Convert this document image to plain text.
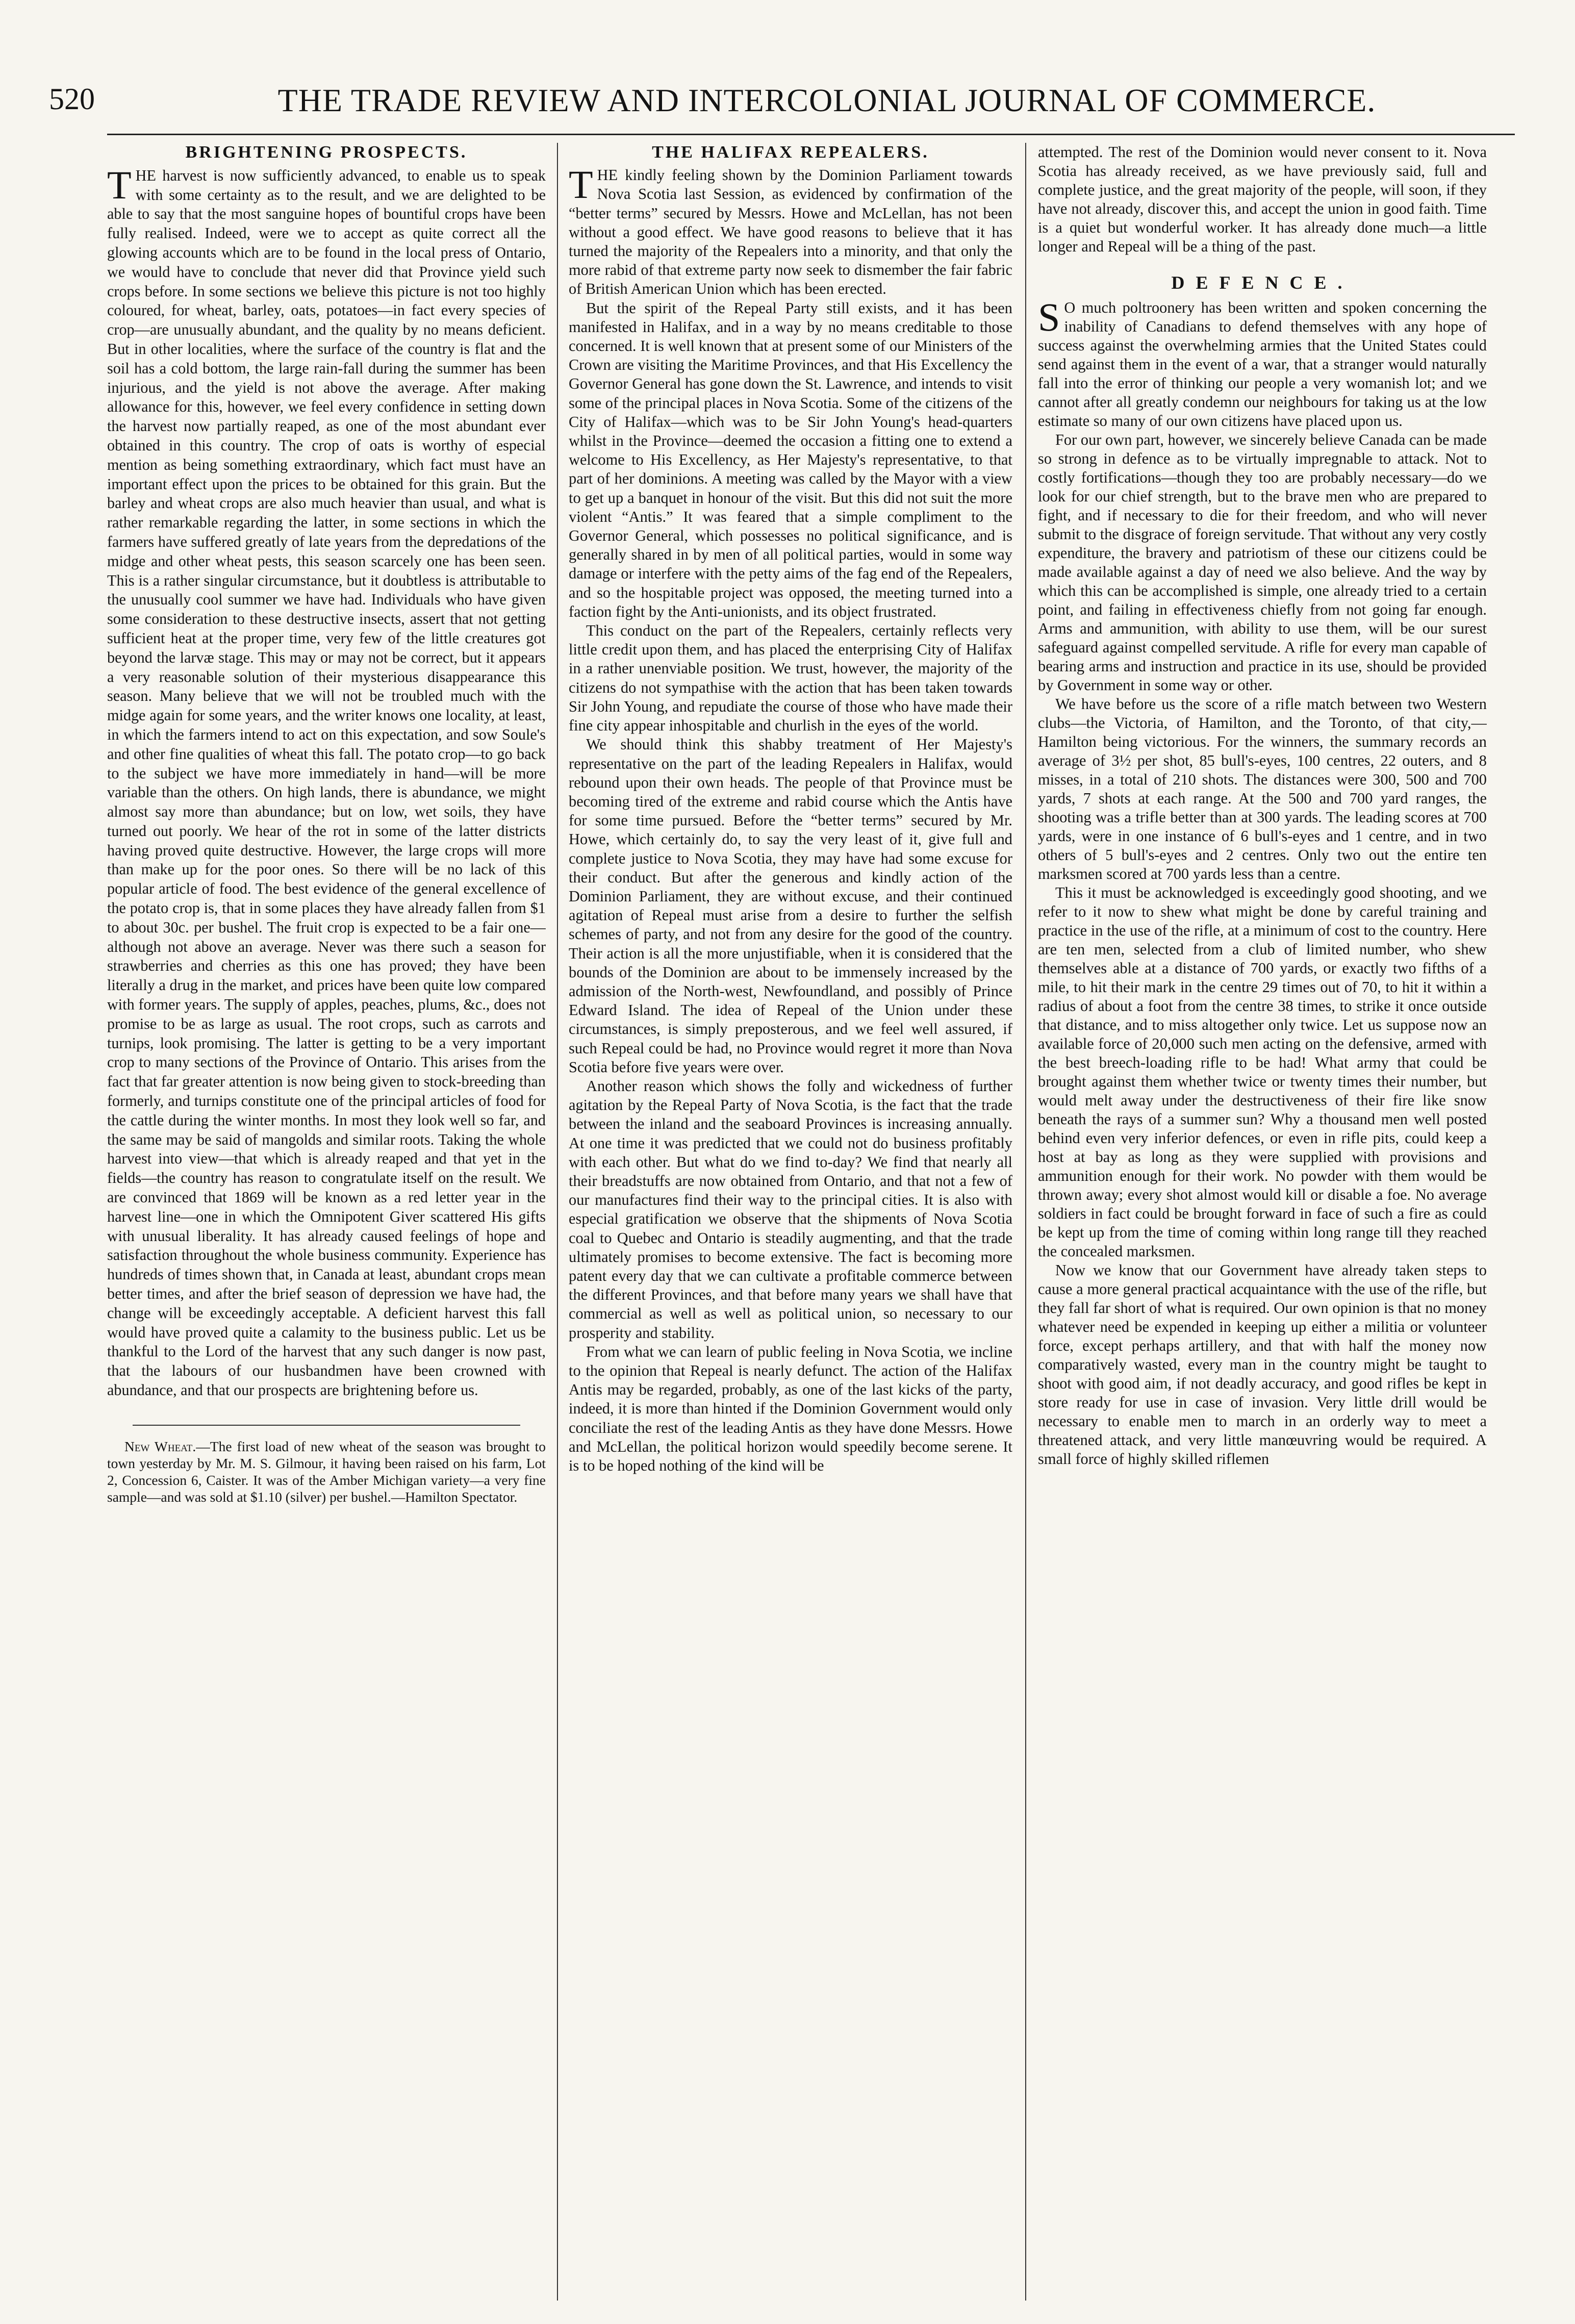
520	THE TRADE REVIEW AND INTERCOLONIAL JOURNAL OF COMMERCE.
BRIGHTENING PROSPECTS.

THE harvest is now sufficiently advanced, to enable us to speak with some certainty as to the result, and we are delighted to be able to say that the most sanguine hopes of bountiful crops have been fully realised. Indeed, were we to accept as quite correct all the glowing accounts which are to be found in the local press of Ontario, we would have to conclude that never did that Province yield such crops before. In some sections we believe this picture is not too highly coloured, for wheat, barley, oats, potatoes—in fact every species of crop—are unusually abundant, and the quality by no means deficient. But in other localities, where the surface of the country is flat and the soil has a cold bottom, the large rain-fall during the summer has been injurious, and the yield is not above the average. After making allowance for this, however, we feel every confidence in setting down the harvest now partially reaped, as one of the most abundant ever obtained in this country. The crop of oats is worthy of especial mention as being something extraordinary, which fact must have an important effect upon the prices to be obtained for this grain. But the barley and wheat crops are also much heavier than usual, and what is rather remarkable regarding the latter, in some sections in which the farmers have suffered greatly of late years from the depredations of the midge and other wheat pests, this season scarcely one has been seen. This is a rather singular circumstance, but it doubtless is attributable to the unusually cool summer we have had. Individuals who have given some consideration to these destructive insects, assert that not getting sufficient heat at the proper time, very few of the little creatures got beyond the larvæ stage. This may or may not be correct, but it appears a very reasonable solution of their mysterious disappearance this season. Many believe that we will not be troubled much with the midge again for some years, and the writer knows one locality, at least, in which the farmers intend to act on this expectation, and sow Soule's and other fine qualities of wheat this fall. The potato crop—to go back to the subject we have more immediately in hand—will be more variable than the others. On high lands, there is abundance, we might almost say more than abundance; but on low, wet soils, they have turned out poorly. We hear of the rot in some of the latter districts having proved quite destructive. However, the large crops will more than make up for the poor ones. So there will be no lack of this popular article of food. The best evidence of the general excellence of the potato crop is, that in some places they have already fallen from $1 to about 30c. per bushel. The fruit crop is expected to be a fair one—although not above an average. Never was there such a season for strawberries and cherries as this one has proved; they have been literally a drug in the market, and prices have been quite low compared with former years. The supply of apples, peaches, plums, &c., does not promise to be as large as usual. The root crops, such as carrots and turnips, look promising. The latter is getting to be a very important crop to many sections of the Province of Ontario. This arises from the fact that far greater attention is now being given to stock-breeding than formerly, and turnips constitute one of the principal articles of food for the cattle during the winter months. In most they look well so far, and the same may be said of mangolds and similar roots. Taking the whole harvest into view—that which is already reaped and that yet in the fields—the country has reason to congratulate itself on the result. We are convinced that 1869 will be known as a red letter year in the harvest line—one in which the Omnipotent Giver scattered His gifts with unusual liberality. It has already caused feelings of hope and satisfaction throughout the whole business community. Experience has hundreds of times shown that, in Canada at least, abundant crops mean better times, and after the brief season of depression we have had, the change will be exceedingly acceptable. A deficient harvest this fall would have proved quite a calamity to the business public. Let us be thankful to the Lord of the harvest that any such danger is now past, that the labours of our husbandmen have been crowned with abundance, and that our prospects are brightening before us.

New Wheat.—The first load of new wheat of the season was brought to town yesterday by Mr. M. S. Gilmour, it having been raised on his farm, Lot 2, Concession 6, Caister. It was of the Amber Michigan variety—a very fine sample—and was sold at $1.10 (silver) per bushel.—Hamilton Spectator.

THE HALIFAX REPEALERS.

THE kindly feeling shown by the Dominion Parliament towards Nova Scotia last Session, as evidenced by confirmation of the “better terms” secured by Messrs. Howe and McLellan, has not been without a good effect. We have good reasons to believe that it has turned the majority of the Repealers into a minority, and that only the more rabid of that extreme party now seek to dismember the fair fabric of British American Union which has been erected.

But the spirit of the Repeal Party still exists, and it has been manifested in Halifax, and in a way by no means creditable to those concerned. It is well known that at present some of our Ministers of the Crown are visiting the Maritime Provinces, and that His Excellency the Governor General has gone down the St. Lawrence, and intends to visit some of the principal places in Nova Scotia. Some of the citizens of the City of Halifax—which was to be Sir John Young's head-quarters whilst in the Province—deemed the occasion a fitting one to extend a welcome to His Excellency, as Her Majesty's representative, to that part of her dominions. A meeting was called by the Mayor with a view to get up a banquet in honour of the visit. But this did not suit the more violent “Antis.” It was feared that a simple compliment to the Governor General, which possesses no political significance, and is generally shared in by men of all political parties, would in some way damage or interfere with the petty aims of the fag end of the Repealers, and so the hospitable project was opposed, the meeting turned into a faction fight by the Anti-unionists, and its object frustrated.

This conduct on the part of the Repealers, certainly reflects very little credit upon them, and has placed the enterprising City of Halifax in a rather unenviable position. We trust, however, the majority of the citizens do not sympathise with the action that has been taken towards Sir John Young, and repudiate the course of those who have made their fine city appear inhospitable and churlish in the eyes of the world.

We should think this shabby treatment of Her Majesty's representative on the part of the leading Repealers in Halifax, would rebound upon their own heads. The people of that Province must be becoming tired of the extreme and rabid course which the Antis have for some time pursued. Before the “better terms” secured by Mr. Howe, which certainly do, to say the very least of it, give full and complete justice to Nova Scotia, they may have had some excuse for their conduct. But after the generous and kindly action of the Dominion Parliament, they are without excuse, and their continued agitation of Repeal must arise from a desire to further the selfish schemes of party, and not from any desire for the good of the country. Their action is all the more unjustifiable, when it is considered that the bounds of the Dominion are about to be immensely increased by the admission of the North-west, Newfoundland, and possibly of Prince Edward Island. The idea of Repeal of the Union under these circumstances, is simply preposterous, and we feel well assured, if such Repeal could be had, no Province would regret it more than Nova Scotia before five years were over.

Another reason which shows the folly and wickedness of further agitation by the Repeal Party of Nova Scotia, is the fact that the trade between the inland and the seaboard Provinces is increasing annually. At one time it was predicted that we could not do business profitably with each other. But what do we find to-day? We find that nearly all their breadstuffs are now obtained from Ontario, and that not a few of our manufactures find their way to the principal cities. It is also with especial gratification we observe that the shipments of Nova Scotia coal to Quebec and Ontario is steadily augmenting, and that the trade ultimately promises to become extensive. The fact is becoming more patent every day that we can cultivate a profitable commerce between the different Provinces, and that before many years we shall have that commercial as well as well as political union, so necessary to our prosperity and stability.

From what we can learn of public feeling in Nova Scotia, we incline to the opinion that Repeal is nearly defunct. The action of the Halifax Antis may be regarded, probably, as one of the last kicks of the party, indeed, it is more than hinted if the Dominion Government would only conciliate the rest of the leading Antis as they have done Messrs. Howe and McLellan, the political horizon would speedily become serene. It is to be hoped nothing of the kind will be

attempted. The rest of the Dominion would never consent to it. Nova Scotia has already received, as we have previously said, full and complete justice, and the great majority of the people, will soon, if they have not already, discover this, and accept the union in good faith. Time is a quiet but wonderful worker. It has already done much—a little longer and Repeal will be a thing of the past.

DEFENCE.

S O much poltroonery has been written and spoken concerning the inability of Canadians to defend themselves with any hope of success against the overwhelming armies that the United States could send against them in the event of a war, that a stranger would naturally fall into the error of thinking our people a very womanish lot; and we cannot after all greatly condemn our neighbours for taking us at the low estimate so many of our own citizens have placed upon us.

For our own part, however, we sincerely believe Canada can be made so strong in defence as to be virtually impregnable to attack. Not to costly fortifications—though they too are probably necessary—do we look for our chief strength, but to the brave men who are prepared to fight, and if necessary to die for their freedom, and who will never submit to the disgrace of foreign servitude. That without any very costly expenditure, the bravery and patriotism of these our citizens could be made available against a day of need we also believe. And the way by which this can be accomplished is simple, one already tried to a certain point, and failing in effectiveness chiefly from not going far enough. Arms and ammunition, with ability to use them, will be our surest safeguard against compelled servitude. A rifle for every man capable of bearing arms and instruction and practice in its use, should be provided by Government in some way or other.

We have before us the score of a rifle match between two Western clubs—the Victoria, of Hamilton, and the Toronto, of that city,—Hamilton being victorious. For the winners, the summary records an average of 3½ per shot, 85 bull's-eyes, 100 centres, 22 outers, and 8 misses, in a total of 210 shots. The distances were 300, 500 and 700 yards, 7 shots at each range. At the 500 and 700 yard ranges, the shooting was a trifle better than at 300 yards. The leading scores at 700 yards, were in one instance of 6 bull's-eyes and 1 centre, and in two others of 5 bull's-eyes and 2 centres. Only two out the entire ten marksmen scored at 700 yards less than a centre.

This it must be acknowledged is exceedingly good shooting, and we refer to it now to shew what might be done by careful training and practice in the use of the rifle, at a minimum of cost to the country. Here are ten men, selected from a club of limited number, who shew themselves able at a distance of 700 yards, or exactly two fifths of a mile, to hit their mark in the centre 29 times out of 70, to hit it within a radius of about a foot from the centre 38 times, to strike it once outside that distance, and to miss altogether only twice. Let us suppose now an available force of 20,000 such men acting on the defensive, armed with the best breech-loading rifle to be had! What army that could be brought against them whether twice or twenty times their number, but would melt away under the destructiveness of their fire like snow beneath the rays of a summer sun? Why a thousand men well posted behind even very inferior defences, or even in rifle pits, could keep a host at bay as long as they were supplied with provisions and ammunition enough for their work. No powder with them would be thrown away; every shot almost would kill or disable a foe. No average soldiers in fact could be brought forward in face of such a fire as could be kept up from the time of coming within long range till they reached the concealed marksmen.

Now we know that our Government have already taken steps to cause a more general practical acquaintance with the use of the rifle, but they fall far short of what is required. Our own opinion is that no money whatever need be expended in keeping up either a militia or volunteer force, except perhaps artillery, and that with half the money now comparatively wasted, every man in the country might be taught to shoot with good aim, if not deadly accuracy, and good rifles be kept in store ready for use in case of invasion. Very little drill would be necessary to enable men to march in an orderly way to meet a threatened attack, and very little manœuvring would be required. A small force of highly skilled riflemen
